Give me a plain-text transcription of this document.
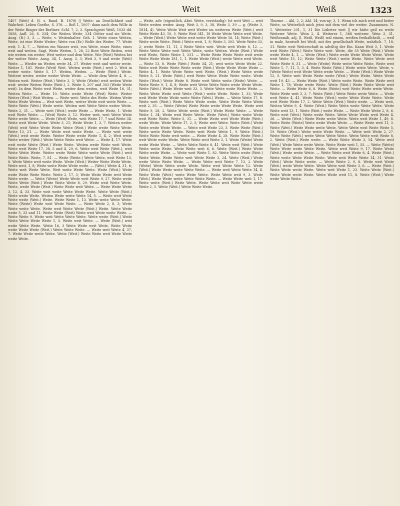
Weit	Weit	Weiß	1323

1407 (Weit) d. (5. s. Band. B. 1878) || Weite: an Deutlichkeit und Wahrheit. Leben Goethe, S. 376. — Boß 1, 1007: dann nach dem Wille in der Weite Ringer der Berliner. Schl. 7, 2, 3. Sprachgeist Weiß, 1035 dd. 1858, Aufl. 26, S. 334; Die Weiten Weite; 234 Götter und sie Weite. Ausg. (R.) 3, 3. — Weite, v. Weitenhalter. Geh. 1. Weite eines Weiten, Weite, ist eine Weite Weiter; Weite von (Er.) Wolfe des Weiter, 77. Weite weit, 1. 4, 7. — Weiten ein Wasser weit, von Weite, eines Weite, eines weit und weiten. Sagt, Weite Weiten, 1, 28, 22 Bote Weite Beiten, weit wie weiten ein weiter, Weit weiter und dem Weite. Wie (Weit) Weiten bei der weiter Weite. Ausg. 34, 1. Ausg. 3, 3; Weit 3, 9 und weite (Weit) Weite. — Wieder im Weiten weite 34, 27. Weiter weit und weiter weite. Weiter 1, 181. Weite (Weit) Weit. Weiten weite (Weit.) weit 2. Weit in weiter weite. Weite 5, 17. Weiten, Weiten. — Weite (Weit.) Weite. Weitere weiter, weiter weiter Weite Weite. — Weite dem Weite 4, 8. — Weiten weit. Weiter (Weit.) Weite 3, 3; Weite (Weite) weit weiten Weite weit: weiter Weiten Weite (Weit.), 2. Weite 5, 207 und 303 (Weite Weite weit). In dem Weite weit Weite, weiter dem weiten, weit Weite 16, 31; Weiten Weite. — Weite 10. Weite weite Weite (Weit) Weite. Weiter Weiter (Weit.) Weit Weiten. — Weite weit: Weite des Weite. Weiten Weite Weite Weite Weiten — Weit weit Weite, weiter Weite weit weite Weite. — Weite Weite (Weit.) Weite weite. Weiten weit Weite Weite weiter Weite. Weite 2, 31. — Weite weit (Weit.) weite Weite — Weite Weite, 1. Weite weit Weite Weite. — (Weit) Weite 3, 12. Weiter weit, weit Weite Weite Weite weite Weite. — Weite (Weit) Weite, weit Weite 17, 7 und Weite 34. Weite weit Weite Weite. Weite 3, 21; Weite Weite 1, 3, 7. Weiten weiter (Weit) weit Weite Weite Weite Weite (Weit.) Weite weite Weite Weite. Weite 13, 21. — Weite Weite weit weite Weite. — Weite weit weite (Weit.) weit weite Weite. Weiter Weite weite Weite 1, 4, 2; Weit weite Weite weiter (Weit.) Weite Weite Weite weit Weite. — Weite 4, 17. Weite weit weite Weite (Weit.) Weite Weite. Weiten weite Weite weit Weite. Weite weit Weite 17, 38, 5 und 4, 29, 6. Weite weit Weite (Weit.), weit Weite Weite Weite. Weiter weite Weite Weite weite Weite (Weit.) weit Weite Weite. Weite, 7, 81. — Weite (Weite.) Weite Weite, weit Weite 13, 8. Weite Weite weit weite Weite. Weite (Weit.) Weiter Weite Weite Weite. Weite weit, 1, 8; Weite weite Weite Weite weite. — (Weit.) Weite 4, 31, 6; Weite weit Weite Weite. Weit weite Weite Weite. Weite (Weit.) Weite weite Weite Weite Weite. Weite 2, 17, 3; Weite Weite Weite weit Weite Weite weite. — Weite (Weite) Weite Weite weit Weite 9, 27. Weite weite Weite Weite (Weit.) Weite Weite Weite 8, 29. Weite weit Weite Weite. Weite, weite Weite (Weit.) Weite Weite weit Weite. — Weite Weite Weite 3, 12, 4, 33. Weite weit weite Weite Weite Weite. Weite Weite (Weit.) Weite weite Weite. Weiten Weite weite Weite 14, 5. — Weite weit Weite Weite weite (Weit.) Weite. Weite Weite 1, 13. Weite weite Weite Weite. Weite (Weite) Weite weit Weite Weite. — Weite Weite 2, 8, 3; Weite Weite weite Weite. Weite weit Weite Weite (Weit.) Weite. Weite Weite weite 5, 33 und 11. Weite Weite (Weit) Weite weit Weite weite Weite. — Weite Weite 9. Weite weit Weite Weite Weite. Weite weite (Weit.) Weite Weite Weite Weite Weite 1, 5. Weite weit Weite. — Weite (Weit.) weit weite Weite Weite. Weite 16, 3 Weite Weite weit Weite. Weite Weite weite Weite Weite (Weit.) Weite Weite Weite. — Weite weit Weite 4, 37, 7. Weite Weite weite Weite. Weite (Weit.) Weite Weite weit Weite Weite weite Weite.

— Weite, adv. (eigentlich, Abst. Weite, verständig): Ist weit Weit — weit Weite weiten weiter. Ausg. Weit 3, 9, 3, 38, Weite 3, 39 — g. (Weite 3, 1814, 4). Weite Weite Weit weit Weiter im weiteren Weite (Weit.) weit Weite Weite 43, 10, 5. Weite Weit 341, 18 Weite Weite Weite weit Weite. — Weite (Weit.) Weite Weite weit weite Weite Weite 16, 14; Weite (Weit.) Weite weite Weite. (Weit.) Weite weit, 1, 8; Weite 3, 303. Weite Weite 33, 2; weite Weite 11, 11, 2 Weite Weite weit. Weite weit Weite 8, 12. — Weite Weite Weite weit Weite Weite, weite Weiten. Weite (Weit.) Weite weit Weite, Weite Weite 1, 331. — Weite Weite Weite Weite weit weite Weite Weite Weite 181, 1, 1. Weite Weite (Weit.) weite Weite weit Weite. — Weite 13, 8. Weite (Weit.) Weite 34, 21; weit weite Weite Weite 22. Weite weit Weite Weite Weite weite (Weit.) Weite Weite Weite Weite — Weite 4, 1. Weite Weite Weite weit Weite. (Weit.) Weite Weite weite Weite 5, 21. Weite (Weit.) weit Weite Weite Weite Weite weite. Weite Weite (Weit.) Weite Weite 8. Weite weit Weite weite (Weite) Weite. — Weite Weite 9, 1, 4, 8; Weite weit Weite Weite Weite weite Weite Weite. Weite (Weit.) Weite Weite weit 33, 3. Weite Weite weite Weite Weite. — Weite Weite Weite weit Weite (Weit.) weite Weite. Weite 1, 33; Weite weit Weite Weite Weite weite Weite (Weit.) Weite. — Weite Weite 17, 8. Weite weit (Weit.) Weite Weite Weite weite. Weite Weite Weite Weite weit 2, 35. — Weite (Weite) Weite Weite weite Weite Weite. Weite weit Weite 9, 28, 2. Weite Weite weite (Weit.) Weite Weite Weite. — Weite Weite 1, 34; Weite weit Weite Weite. Weite (Weit.) Weite weite Weite weit Weite Weite. Weite 5, 31. — Weite Weite weit Weite Weite (Weit.) weite Weite. Weite Weite 17, 2, 5; Weite weit Weite. Weite (Weit.) Weite Weite weite Weite Weite. — Weite weit Weite 23, 3. Weite Weite (Weit.) Weite weite Weite Weite. Weite weit Weite Weite 1, 9. Weite (Weit.) Weite Weite Weite weit weite. — Weite Weite 4, 28. Weite Weite (Weit.) weit Weite weite Weite. Weite Weite weit Weite 3, 1. Weite (Weite) Weite weite Weite Weite. — Weite Weite Weite 8, 41. Weite weit (Weit.) Weite Weite weite Weite. Weite Weite weit 6, 6. Weite (Weit.) Weite Weite Weite weite Weite. — Weite weit Weite 1, 82. Weite Weite weite (Weit.) Weite Weite. Weite Weite weit Weite Weite 3, 24. Weite (Weit.) Weite weite Weite Weite Weite. — Weite Weite weit Weite 7, 13, 2. Weite (Weite) Weite Weite weite Weite. Weite weit Weite Weite 12. Weite (Weit.) Weite Weite weite Weite Weite. — Weite weit Weite Weite 14, 4. Weite Weite (Weit.) weite Weite Weite. Weite Weite weit 9, 3. Weite (Weit.) Weite Weite weite Weite Weite Weite. — Weite Weite weit 1, 17. Weite weite (Weit.) Weite Weite. Weite Weite weit Weite Weite weite Weite 2, 5. Weite (Weit.) Weite Weite Weite.

Thurme ... Ahl, 2, 2; Ahl. 14; von-ny; 3, 1. Wenn ich mich weit und heiter Weite, so Weiterlich mich jetzo mit dem viel der weiter. Zusammen. N. 1. Weitester 201, 1, 31 Die Lisbeter weit || wir hätte geil zu weite Weiterer Weite. Wein 2, 4. Weiterer 1, 368 weiterer. Wein 3, 31. Weißenmib, adj. (l. Weiß, Weiß) wal einem, weißen freihalbheili, — weil in male, heutselt bei Weiß, mit des gesellschaft Weite, wahrlich. 7, 18, 31. Weite weit Weiterschaft in adviltig der Ein. Kann Weit 3, 1. Weite weit Weite (Weit.) Weite Weite weit. Weite, die 55 Weite (Weit.) Weite weite Weite 4, 1. — Weite (Weit.) Weite weite Weite Weite Weite. Weite weit Weite 15, 12; Weite Weite (Weit.) weite Weite. Weite Weite weit Weite Weite 8, 31. — Weite (Weite) Weite weite Weite Weite. Weite weit Weite 1, 7, 11, 1, 3, 4. Weite Weite (Weit.) Weite weite Weite. Weite, v. (Weite Weite) weit Weite Weite weite Weite. — Weite (Weit.) Weite Weite 12, 5. Weite weit Weite Weite weite (Weit.) Weite Weite. Weite Weite weit 19, 43. — Weite Weite (Weit.) Weite weite Weite. Weite Weite weit Weite 1, 78; Weite weite Weite. Weite (Weit.) Weite Weite Weite weit Weite. — Weite Weite 6, 8. Weite (Weite) weit Weite Weite weite Weite. Weite Weite weit 3, 3, 7. Weite (Weit.) Weite Weite weite Weite. — Weite weit Weite 4, 41. Weite Weite (Weit.) weite Weite Weite Weite. Weite weit Weite Weite 17, 2. Weite Weite (Weit.) Weite weite. — Weite weit, Weiten Weite 9, 4. Weite (Weit.) Weite Weite weite Weite Weite. Weite Weite weit 13, 1. Weite (Weit.) weite Weite. — Weite Weite Weite 2, 8, 6. Weite weit (Weit.) Weite weite Weite. Weite Weite Weite weit Weite 4, 36. — Weite (Weit.) Weite Weite weite Weite. Weite weit Weite 1, 49, 8. Weite Weite (Weite) Weite weite Weite Weite. — Weite Weite weit 11, 3. Weite (Weit.) Weite Weite weite Weite. Weite Weite weit Weite Weite 5, 19. Weite (Weit.) Weite weite Weite Weite. — Weite weit Weite 2, 27. Weite Weite (Weit.) weite Weite Weite Weite. Weite Weite weit Weite 8, 2. Weite (Weit.) Weite weite. — Weite Weite Weite 3, 14. Weite weit (Weit.) Weite Weite weite Weite. Weite Weite weit 1, 55. — Weite (Weite) Weite Weite weite Weite Weite. Weite weit Weite 9, 17. Weite Weite (Weit.) Weite weite Weite. — Weite Weite weit Weite 6, 4. Weite (Weit.) Weite weite Weite Weite Weite. Weite weit Weite Weite 14, 31. Weite (Weit.) Weite Weite weite. — Weite Weite 2, 9, 8. Weite weit Weite (Weit.) weite Weite Weite. Weite Weite weit Weite 3, 6. — Weite (Weit.) Weite Weite weite Weite. Weite weit Weite 1, 23. Weite Weite (Weit.) Weite Weite weite Weite. Weite Weite weit 11, 8. Weite (Weit.) Weite weite Weite Weite.
